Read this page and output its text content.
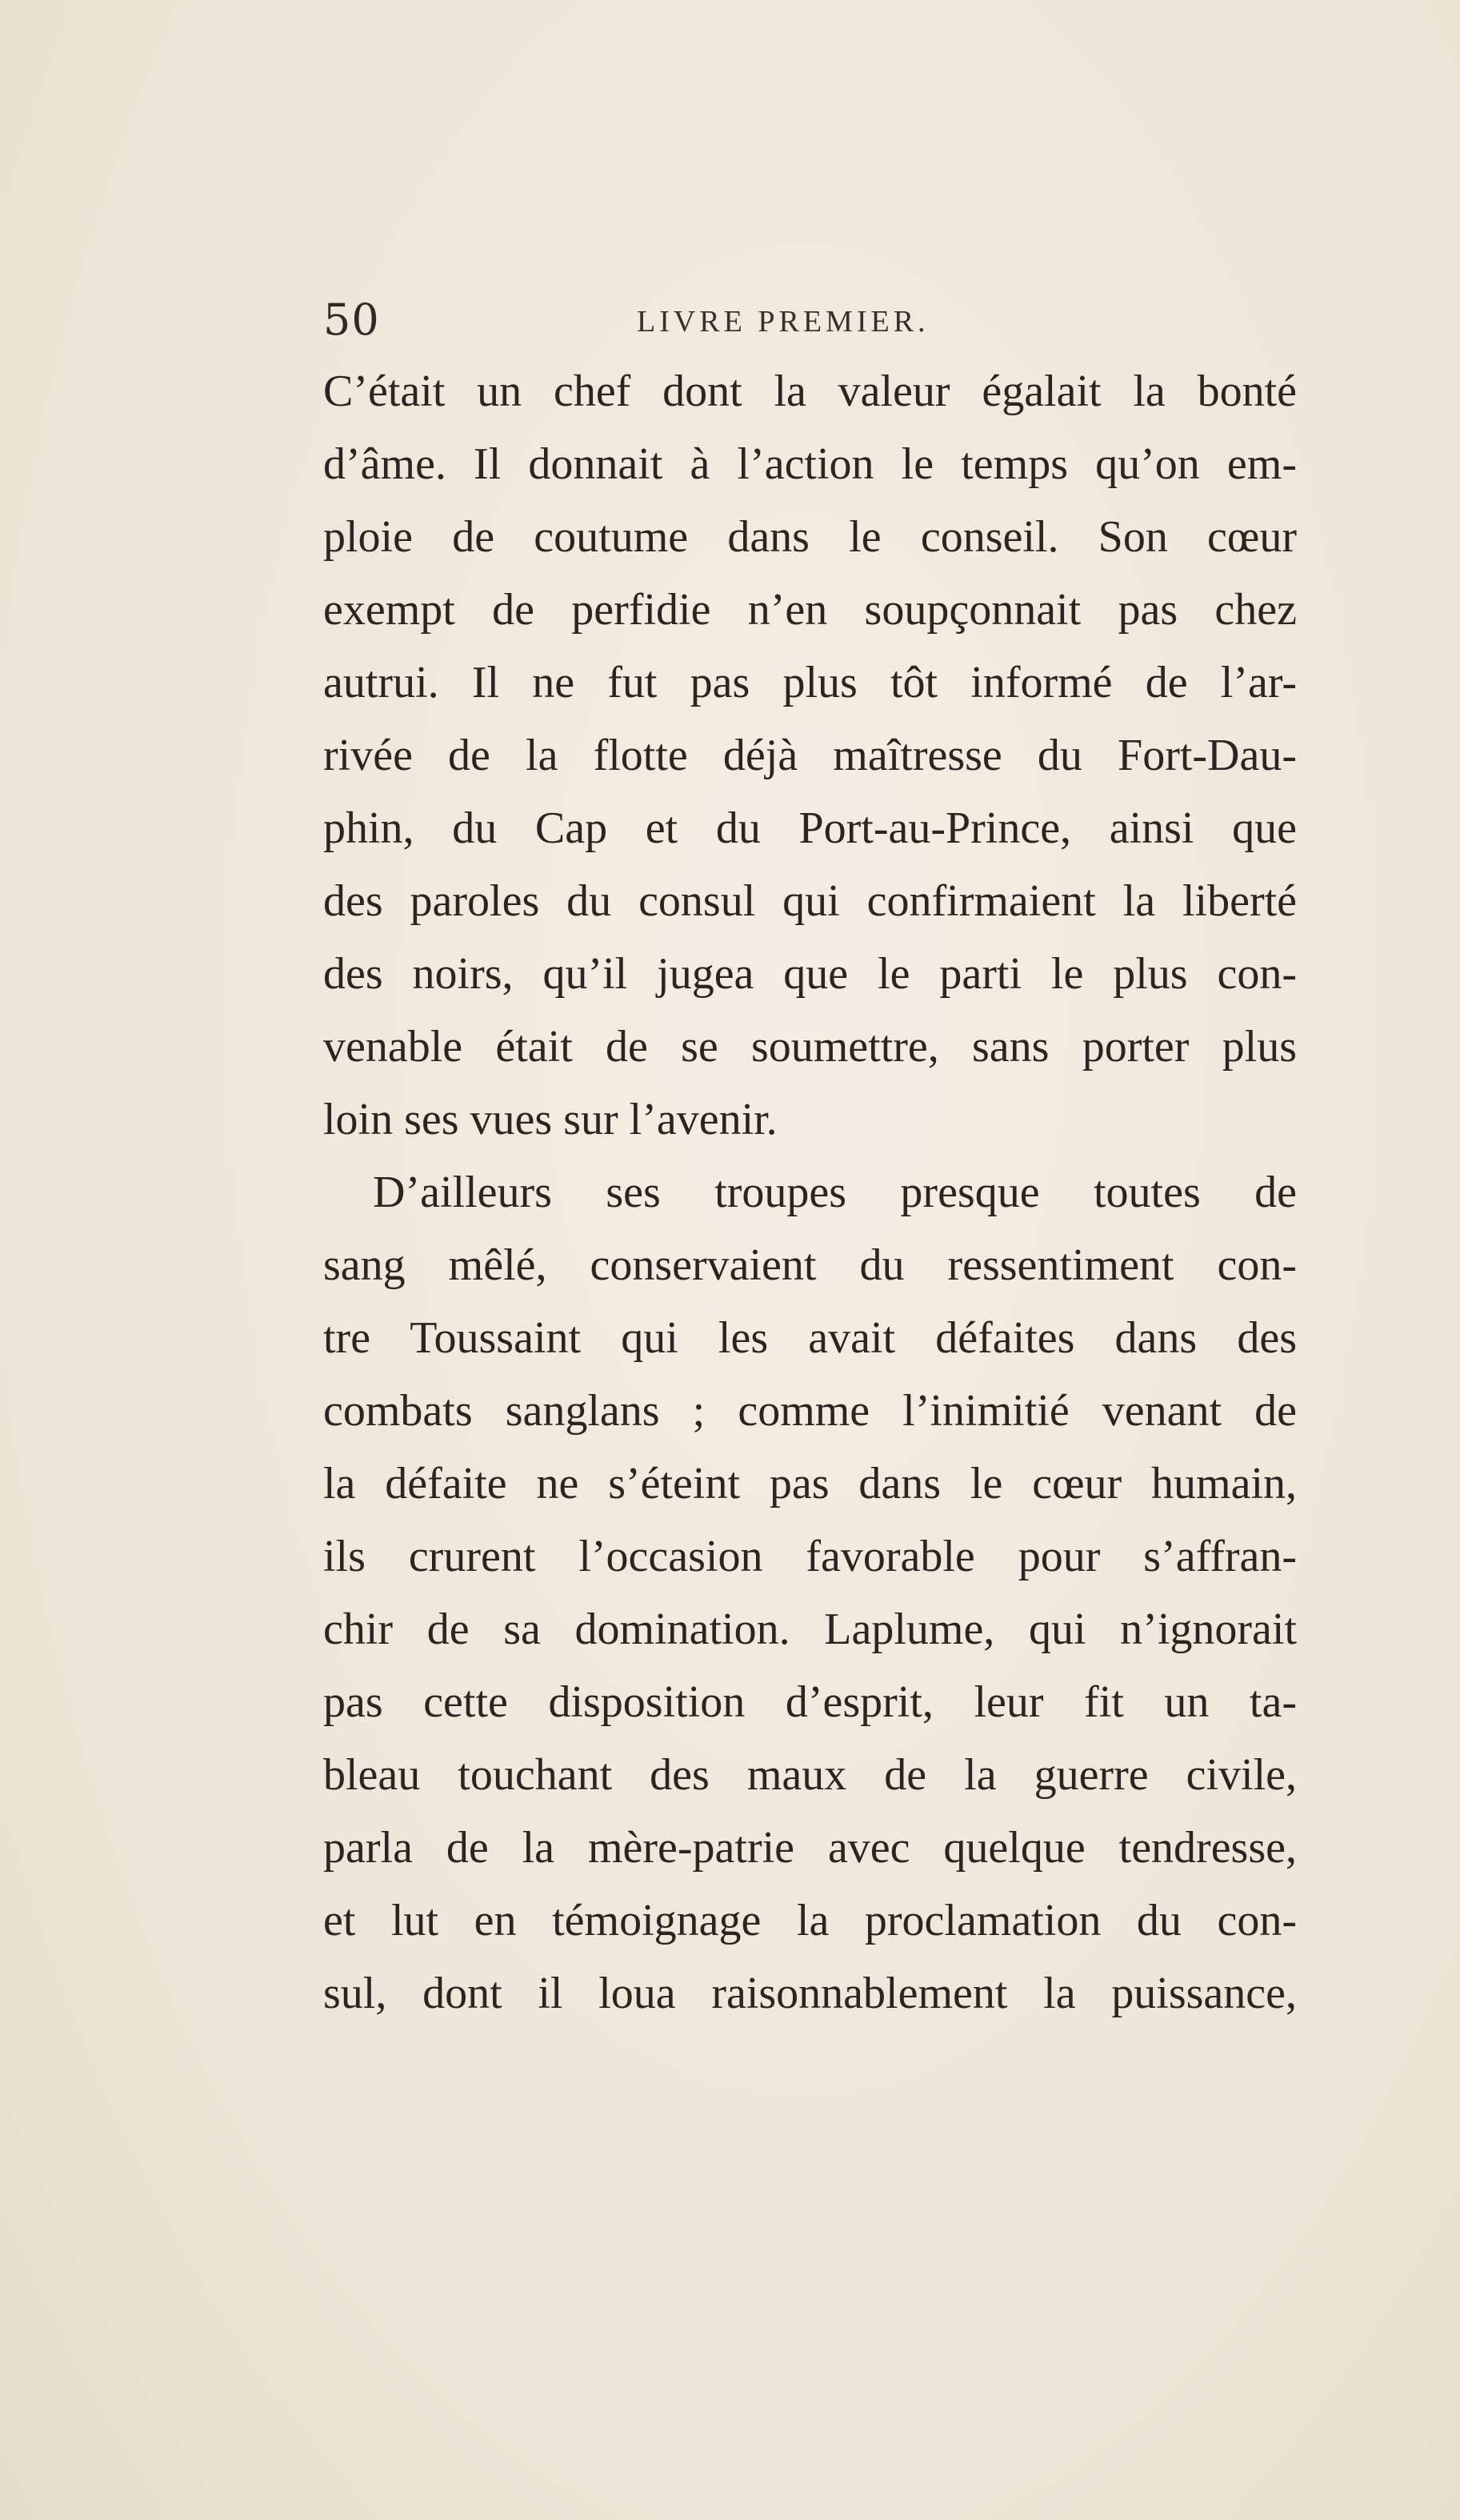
50	LIVRE PREMIER.
C’était un chef dont la valeur égalait la bonté
d’âme. Il donnait à l’action le temps qu’on em-
ploie de coutume dans le conseil. Son cœur
exempt de perfidie n’en soupçonnait pas chez
autrui. Il ne fut pas plus tôt informé de l’ar-
rivée de la flotte déjà maîtresse du Fort-Dau-
phin, du Cap et du Port-au-Prince, ainsi que
des paroles du consul qui confirmaient la liberté
des noirs, qu’il jugea que le parti le plus con-
venable était de se soumettre, sans porter plus
loin ses vues sur l’avenir.
D’ailleurs ses troupes presque toutes de
sang mêlé, conservaient du ressentiment con-
tre Toussaint qui les avait défaites dans des
combats sanglans ; comme l’inimitié venant de
la défaite ne s’éteint pas dans le cœur humain,
ils crurent l’occasion favorable pour s’affran-
chir de sa domination. Laplume, qui n’ignorait
pas cette disposition d’esprit, leur fit un ta-
bleau touchant des maux de la guerre civile,
parla de la mère-patrie avec quelque tendresse,
et lut en témoignage la proclamation du con-
sul, dont il loua raisonnablement la puissance,
